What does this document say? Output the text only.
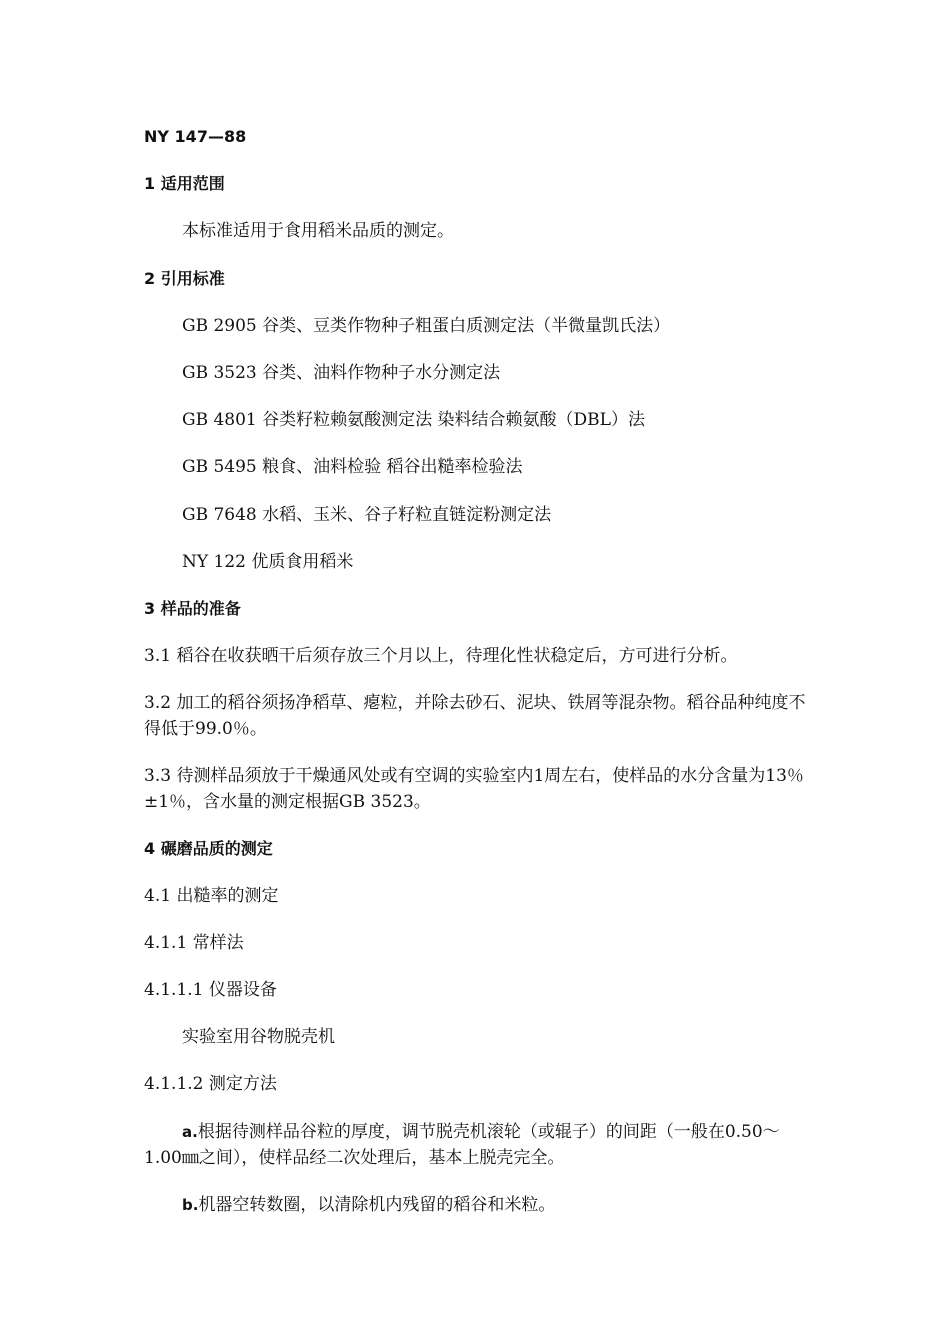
NY 147—88
1 适用范围
本标准适用于食用稻米品质的测定。
2 引用标准
GB 2905 谷类、豆类作物种子粗蛋白质测定法（半微量凯氏法）
GB 3523 谷类、油料作物种子水分测定法
GB 4801 谷类籽粒赖氨酸测定法 染料结合赖氨酸（DBL）法
GB 5495 粮食、油料检验 稻谷出糙率检验法
GB 7648 水稻、玉米、谷子籽粒直链淀粉测定法
NY 122 优质食用稻米
3 样品的准备
3.1 稻谷在收获晒干后须存放三个月以上，待理化性状稳定后，方可进行分析。
3.2 加工的稻谷须扬净稻草、瘪粒，并除去砂石、泥块、铁屑等混杂物。稻谷品种纯度不得低于99.0％。
3.3 待测样品须放于干燥通风处或有空调的实验室内1周左右，使样品的水分含量为13％±1％，含水量的测定根据GB 3523。
4 碾磨品质的测定
4.1 出糙率的测定
4.1.1 常样法
4.1.1.1 仪器设备
实验室用谷物脱壳机
4.1.1.2 测定方法
a.根据待测样品谷粒的厚度，调节脱壳机滚轮（或辊子）的间距（一般在0.50～1.00㎜之间），使样品经二次处理后，基本上脱壳完全。
b.机器空转数圈，以清除机内残留的稻谷和米粒。
